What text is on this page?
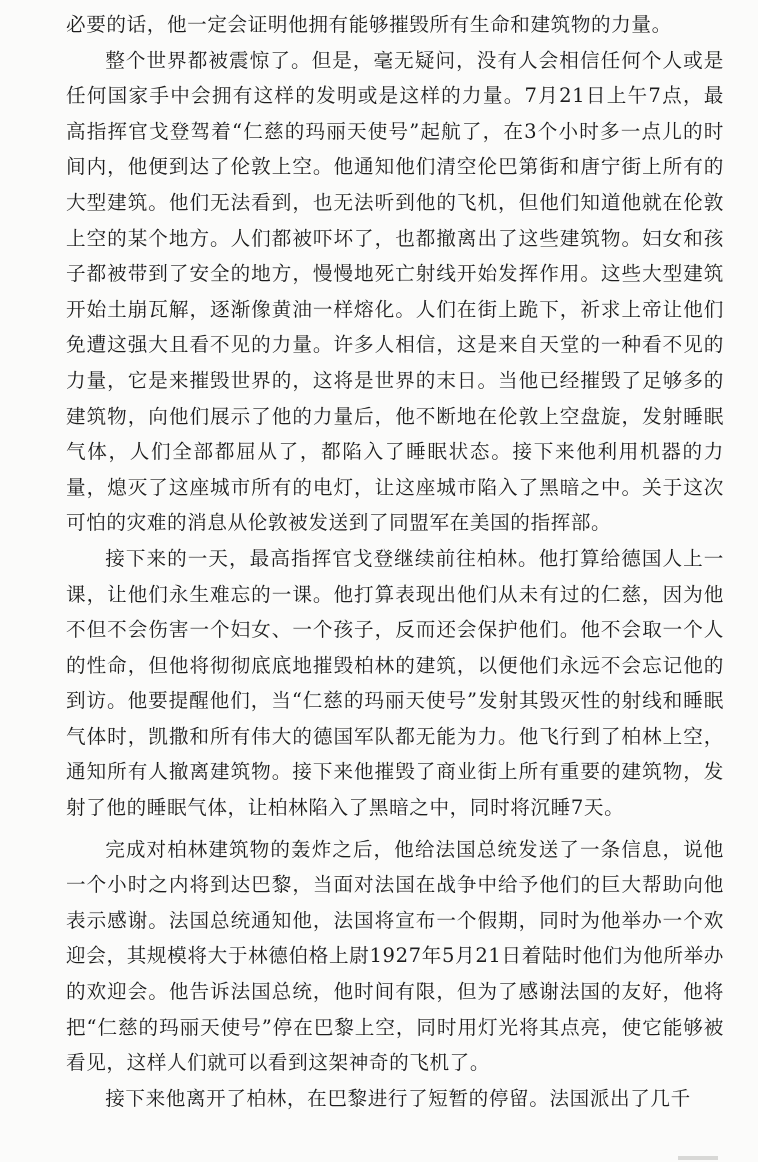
必要的话，他一定会证明他拥有能够摧毁所有生命和建筑物的力量。

整个世界都被震惊了。但是，毫无疑问，没有人会相信任何个人或是任何国家手中会拥有这样的发明或是这样的力量。7月21日上午7点，最高指挥官戈登驾着“仁慈的玛丽天使号”起航了，在3个小时多一点儿的时间内，他便到达了伦敦上空。他通知他们清空伦巴第街和唐宁街上所有的大型建筑。他们无法看到，也无法听到他的飞机，但他们知道他就在伦敦上空的某个地方。人们都被吓坏了，也都撤离出了这些建筑物。妇女和孩子都被带到了安全的地方，慢慢地死亡射线开始发挥作用。这些大型建筑开始土崩瓦解，逐渐像黄油一样熔化。人们在街上跪下，祈求上帝让他们免遭这强大且看不见的力量。许多人相信，这是来自天堂的一种看不见的力量，它是来摧毁世界的，这将是世界的末日。当他已经摧毁了足够多的建筑物，向他们展示了他的力量后，他不断地在伦敦上空盘旋，发射睡眠气体，人们全部都屈从了，都陷入了睡眠状态。接下来他利用机器的力量，熄灭了这座城市所有的电灯，让这座城市陷入了黑暗之中。关于这次可怕的灾难的消息从伦敦被发送到了同盟军在美国的指挥部。

接下来的一天，最高指挥官戈登继续前往柏林。他打算给德国人上一课，让他们永生难忘的一课。他打算表现出他们从未有过的仁慈，因为他不但不会伤害一个妇女、一个孩子，反而还会保护他们。他不会取一个人的性命，但他将彻彻底底地摧毁柏林的建筑，以便他们永远不会忘记他的到访。他要提醒他们，当“仁慈的玛丽天使号”发射其毁灭性的射线和睡眠气体时，凯撒和所有伟大的德国军队都无能为力。他飞行到了柏林上空，通知所有人撤离建筑物。接下来他摧毁了商业街上所有重要的建筑物，发射了他的睡眠气体，让柏林陷入了黑暗之中，同时将沉睡7天。

完成对柏林建筑物的轰炸之后，他给法国总统发送了一条信息，说他一个小时之内将到达巴黎，当面对法国在战争中给予他们的巨大帮助向他表示感谢。法国总统通知他，法国将宣布一个假期，同时为他举办一个欢迎会，其规模将大于林德伯格上尉1927年5月21日着陆时他们为他所举办的欢迎会。他告诉法国总统，他时间有限，但为了感谢法国的友好，他将把“仁慈的玛丽天使号”停在巴黎上空，同时用灯光将其点亮，使它能够被看见，这样人们就可以看到这架神奇的飞机了。

接下来他离开了柏林，在巴黎进行了短暂的停留。法国派出了几千
